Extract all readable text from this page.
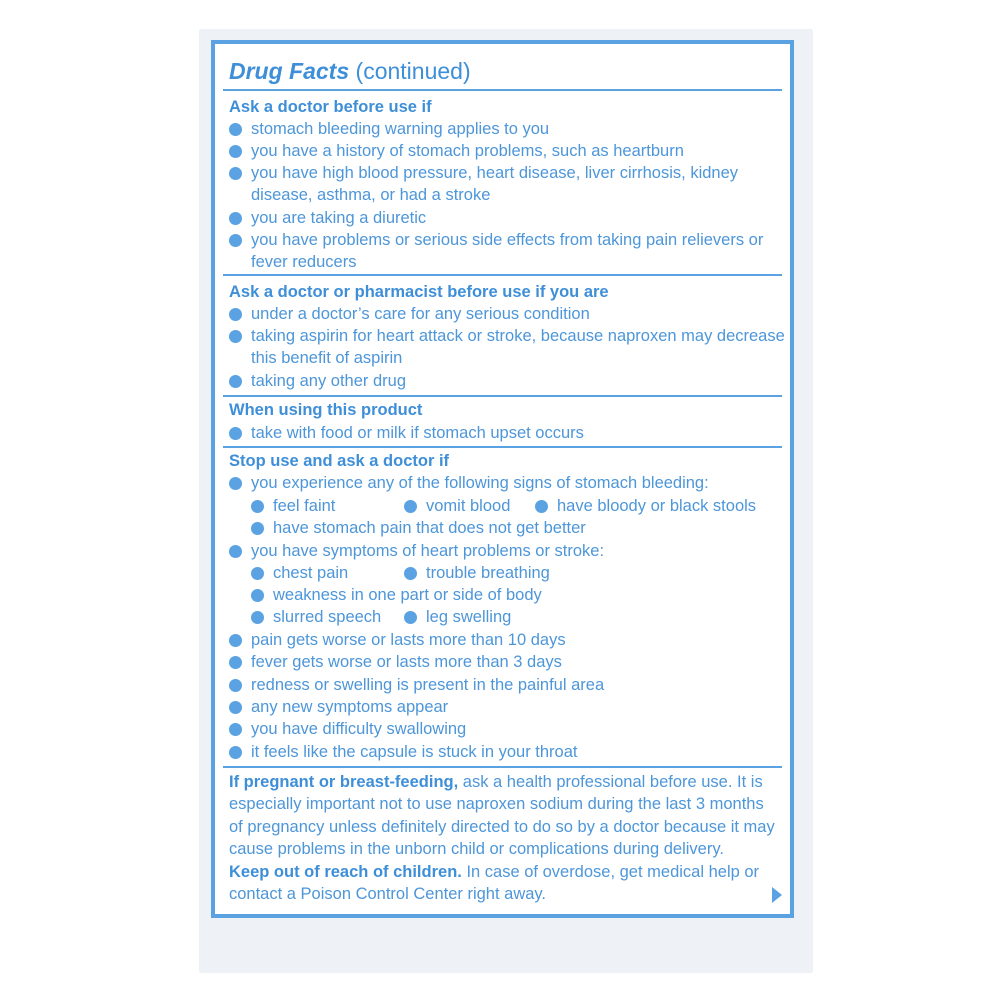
Drug Facts (continued)
Ask a doctor before use if
stomach bleeding warning applies to you
you have a history of stomach problems, such as heartburn
you have high blood pressure, heart disease, liver cirrhosis, kidney disease, asthma, or had a stroke
you are taking a diuretic
you have problems or serious side effects from taking pain relievers or fever reducers
Ask a doctor or pharmacist before use if you are
under a doctor’s care for any serious condition
taking aspirin for heart attack or stroke, because naproxen may decrease this benefit of aspirin
taking any other drug
When using this product
take with food or milk if stomach upset occurs
Stop use and ask a doctor if
you experience any of the following signs of stomach bleeding:
feel faint	vomit blood	have bloody or black stools
have stomach pain that does not get better
you have symptoms of heart problems or stroke:
chest pain	trouble breathing
weakness in one part or side of body
slurred speech	leg swelling
pain gets worse or lasts more than 10 days
fever gets worse or lasts more than 3 days
redness or swelling is present in the painful area
any new symptoms appear
you have difficulty swallowing
it feels like the capsule is stuck in your throat
If pregnant or breast-feeding, ask a health professional before use. It is especially important not to use naproxen sodium during the last 3 months of pregnancy unless definitely directed to do so by a doctor because it may cause problems in the unborn child or complications during delivery.
Keep out of reach of children. In case of overdose, get medical help or contact a Poison Control Center right away.
